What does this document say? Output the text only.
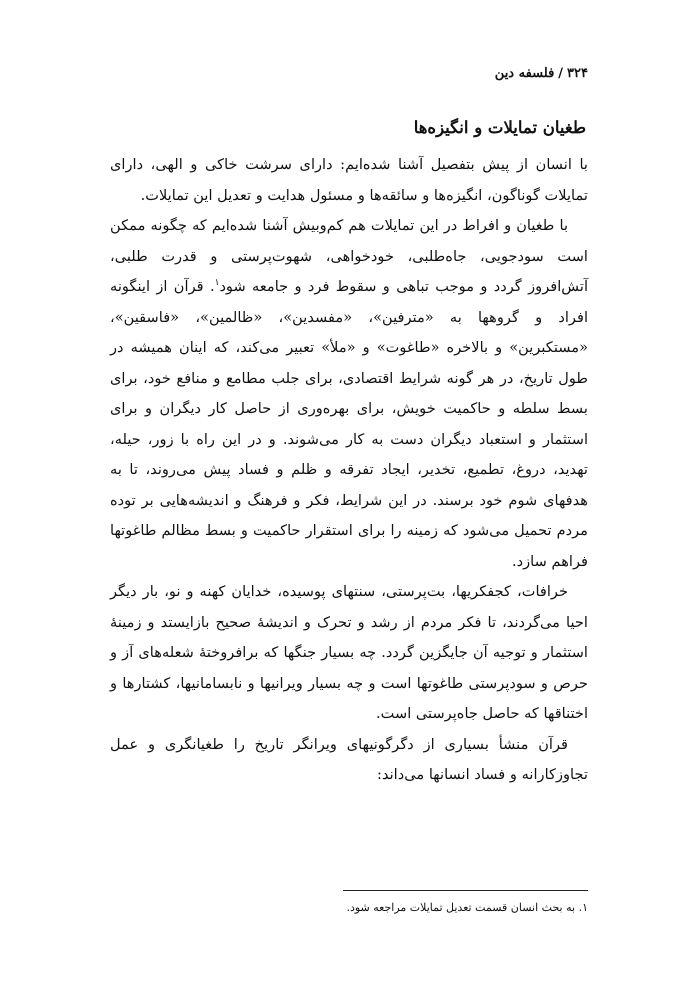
۳۲۴/فلسفه دین
طغیان تمایلات و انگیزه‌ها

با انسان از پیش بتفصیل آشنا شده‌ایم: دارای سرشت خاکی و الهی، دارای تمایلات گوناگون، انگیزه‌ها و سائقه‌ها و مسئول هدایت و تعدیل این تمایلات.

با طغیان و افراط در این تمایلات هم کم‌وبیش آشنا شده‌ایم که چگونه ممکن است سودجویی، جاه‌طلبی، خودخواهی، شهوت‌پرستی و قدرت طلبی، آتش‌افروز گردد و موجب تباهی و سقوط فرد و جامعه شود$^۱$. قرآن از اینگونه افراد و گروهها به «مترفین»، «مفسدین»، «ظالمین»، «فاسقین»، «مستکبرین» و بالاخره «طاغوت» و «ملأ» تعبیر می‌کند، که اینان همیشه در طول تاریخ، در هر گونه شرایط اقتصادی، برای جلب مطامع و منافع خود، برای بسط سلطه و حاکمیت خویش، برای بهره‌وری از حاصل کار دیگران و برای استثمار و استعباد دیگران دست به کار می‌شوند. و در این راه با زور، حیله، تهدید، دروغ، تطمیع، تخدیر، ایجاد تفرقه و ظلم و فساد پیش می‌روند، تا به هدفهای شوم خود برسند. در این شرایط، فکر و فرهنگ و اندیشه‌هایی بر توده مردم تحمیل می‌شود که زمینه را برای استقرار حاکمیت و بسط مظالم طاغوتها فراهم سازد.

خرافات، کجفکریها، بت‌پرستی، سنتهای پوسیده، خدایان کهنه و نو، بار دیگر احیا می‌گردند، تا فکر مردم از رشد و تحرک و اندیشهٔ صحیح بازایستد و زمینهٔ استثمار و توجیه آن جایگزین گردد. چه بسیار جنگها که برافروختهٔ شعله‌های آز و حرص و سودپرستی طاغوتها است و چه بسیار ویرانیها و نابسامانیها، کشتارها و اختناقها که حاصل جاه‌پرستی است.

قرآن منشأ بسیاری از دگرگونیهای ویرانگر تاریخ را طغیانگری و عمل تجاوزکارانه و فساد انسانها می‌داند:

۱. به بحث انسان قسمت تعدیل تمایلات مراجعه شود.
